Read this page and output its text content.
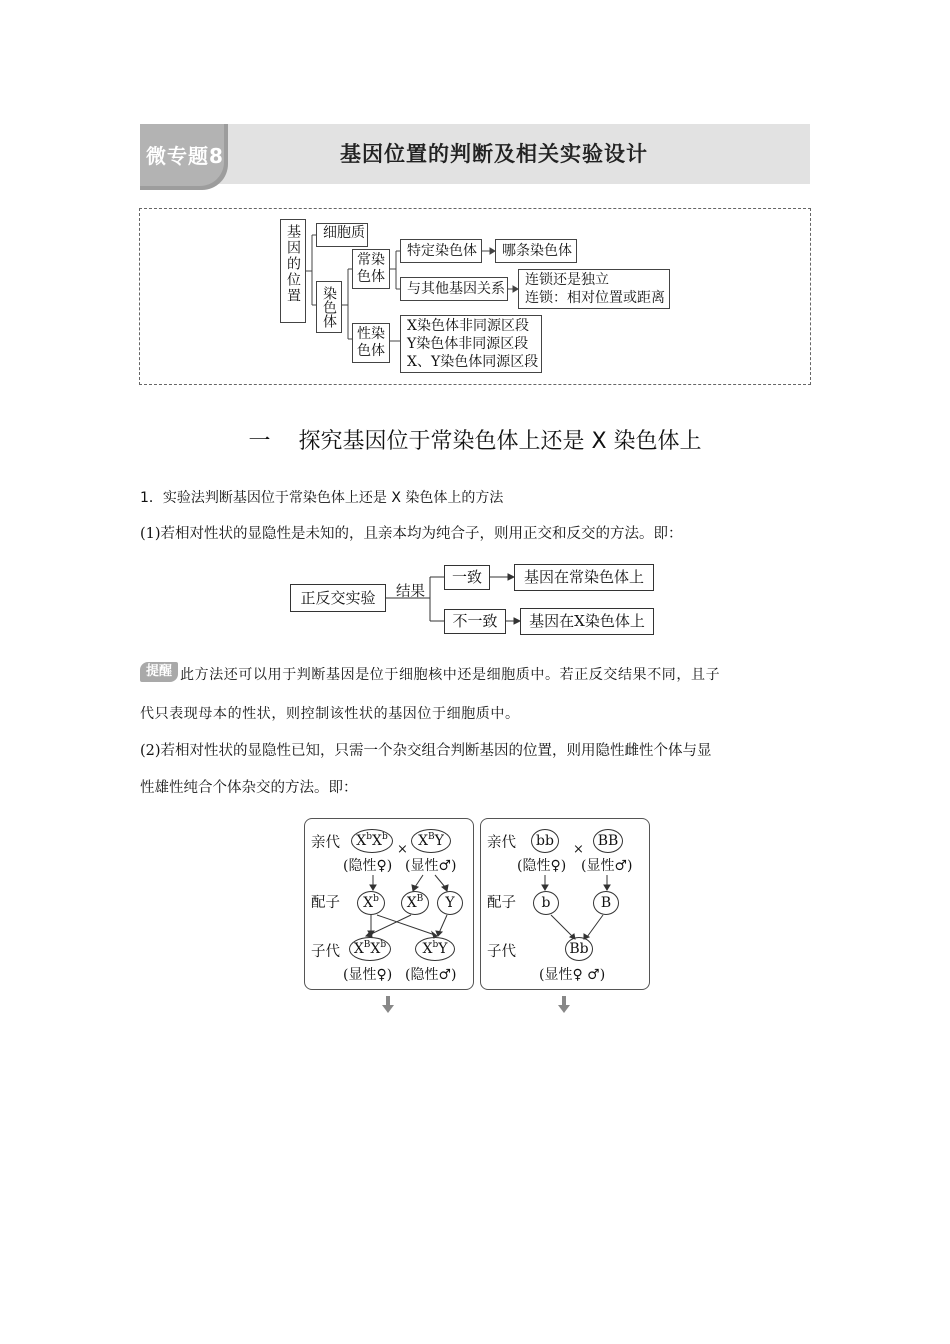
微专题8	基因位置的判断及相关实验设计
基因的位置	细胞质
染色体
常染色体
性染色体
特定染色体	哪条染色体
与其他基因关系
连锁还是独立
连锁：相对位置或距离
X染色体非同源区段
Y染色体非同源区段
X、Y染色体同源区段
一 探究基因位于常染色体上还是 X 染色体上
1．实验法判断基因位于常染色体上还是 X 染色体上的方法
(1)若相对性状的显隐性是未知的，且亲本均为纯合子，则用正交和反交的方法。即：
正反交实验	结果
一致	基因在常染色体上
不一致	基因在X染色体上
提醒 此方法还可以用于判断基因是位于细胞核中还是细胞质中。若正反交结果不同，且子
代只表现母本的性状，则控制该性状的基因位于细胞质中。
(2)若相对性状的显隐性已知，只需一个杂交组合判断基因的位置，则用隐性雌性个体与显
性雄性纯合个体杂交的方法。即：
亲代
配子
子代
$X^bX^b$
×
$X^BY$
(隐性♀) (显性♂)
$X^b$	$X^B$	Y
$X^BX^b$	$X^bY$
(显性♀) (隐性♂)
亲代
配子
子代
bb
×
BB
(隐性♀) (显性♂)
b	B
Bb
(显性♀ ♂)
